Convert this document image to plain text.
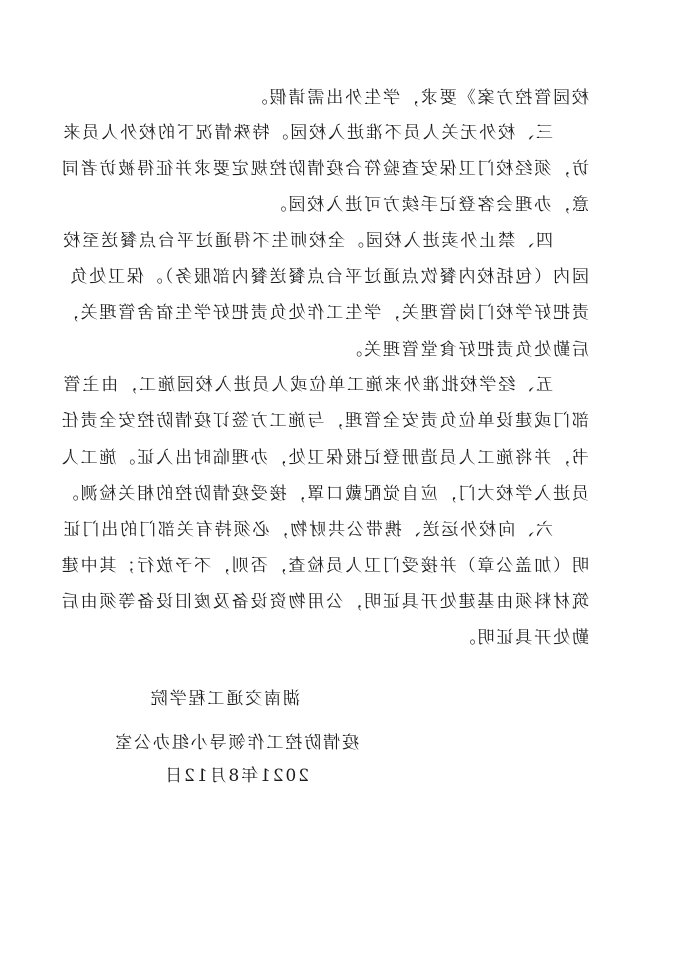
校园管控方案》要求，学生外出需请假。
三、校外无关人员不准进入校园。特殊情况下的校外人员来
访，须经校门卫保安查验符合疫情防控规定要求并征得被访者同
意，办理会客登记手续方可进入校园。
四、禁止外卖进入校园。全校师生不得通过平台点餐送至校
园内（包括校内餐饮点通过平台点餐送餐内部服务）。保卫处负
责把好学校门岗管理关，学生工作处负责把好学生宿舍管理关，
后勤处负责把好食堂管理关。
五、经学校批准外来施工单位或人员进入校园施工，由主管
部门或建设单位负责安全管理，与施工方签订疫情防控安全责任
书，并将施工人员造册登记报保卫处，办理临时出入证。施工人
员进入学校大门，应自觉配戴口罩，接受疫情防控的相关检测。
六、向校外运送、携带公共财物，必须持有关部门的出门证
明（加盖公章）并接受门卫人员检查，否则，不予放行；其中建
筑材料须由基建处开具证明，公用物资设备及废旧设备等须由后
勤处开具证明。
湖南交通工程学院
疫情防控工作领导小组办公室
2021年8月12日
